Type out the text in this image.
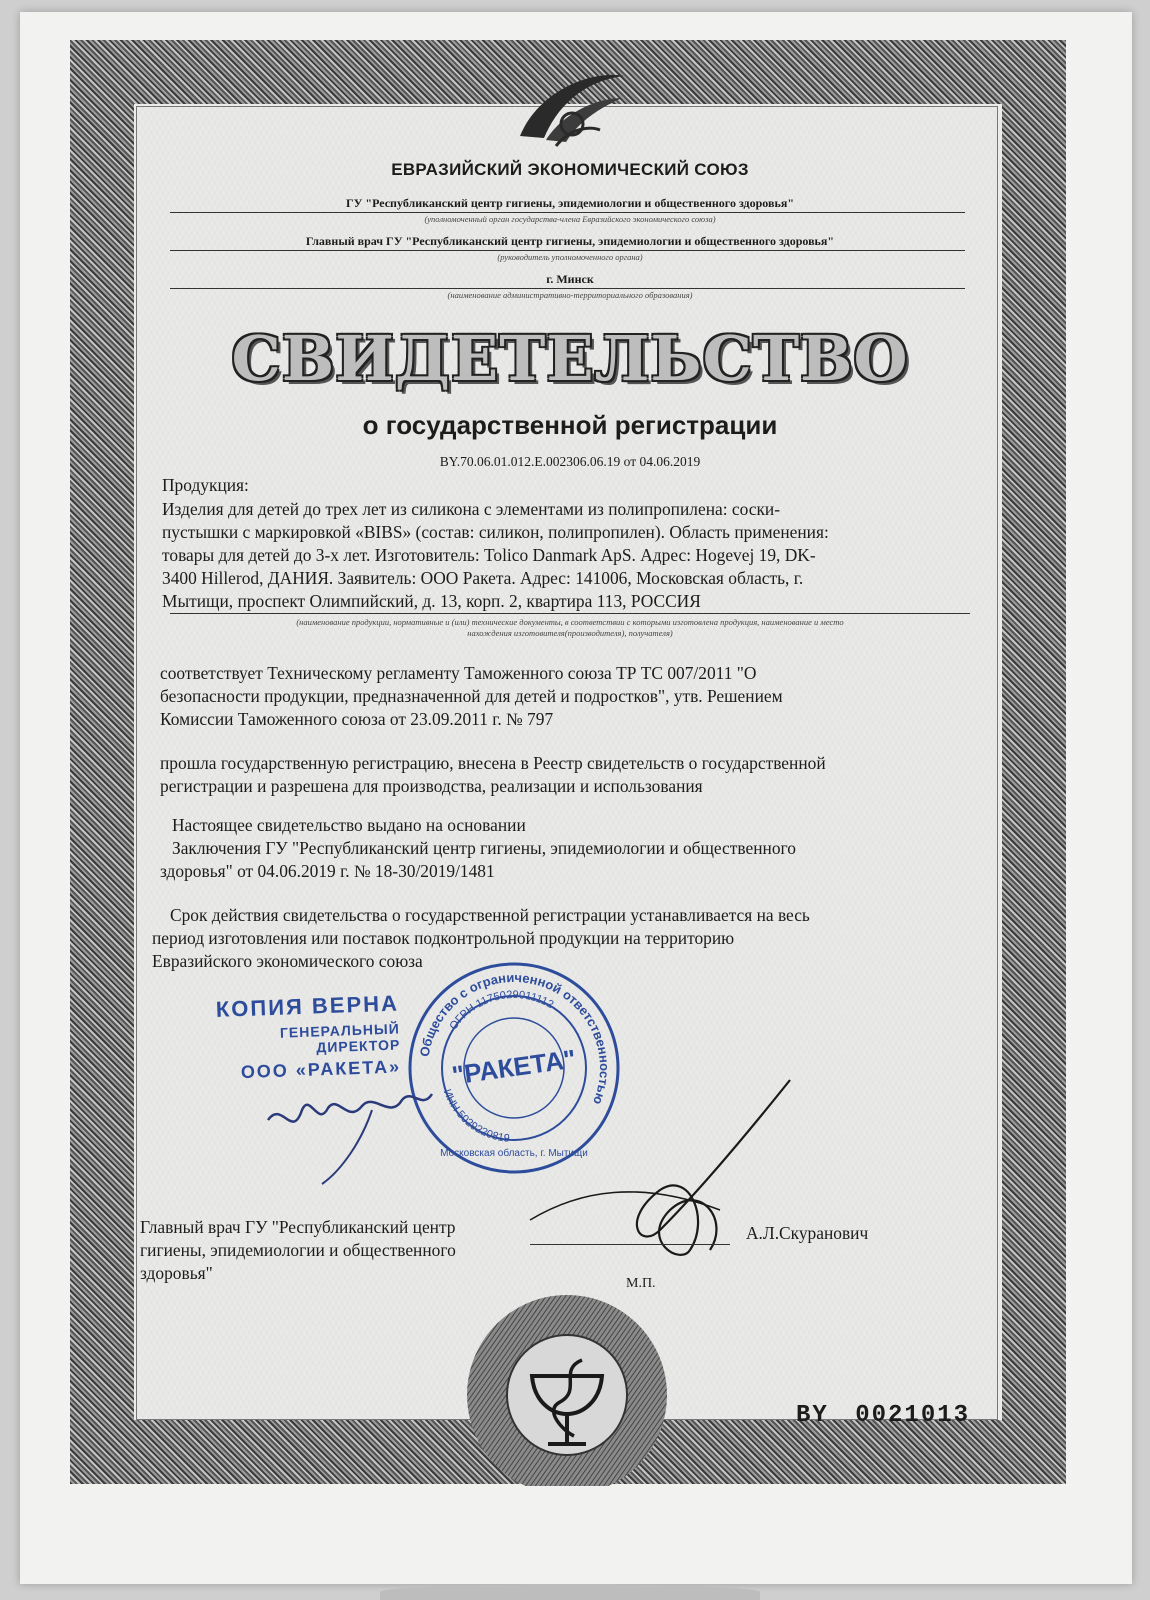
ЕВРАЗИЙСКИЙ ЭКОНОМИЧЕСКИЙ СОЮЗ
ГУ "Республиканский центр гигиены, эпидемиологии и общественного здоровья"
(уполномоченный орган государства-члена Евразийского экономического союза)
Главный врач ГУ "Республиканский центр гигиены, эпидемиологии и общественного здоровья"
(руководитель уполномоченного органа)
г. Минск
(наименование административно-территориального образования)
СВИДЕТЕЛЬСТВО
о государственной регистрации
BY.70.06.01.012.E.002306.06.19 от 04.06.2019
Продукция:
Изделия для детей до трех лет из силикона с элементами из полипропилена: соски-
пустышки с маркировкой «BIBS» (состав: силикон, полипропилен). Область применения:
товары для детей до 3-х лет. Изготовитель: Tolico Danmark ApS. Адрес: Hogevej 19, DK-
3400 Hillerod, ДАНИЯ. Заявитель: ООО Ракета. Адрес: 141006, Московская область, г.
Мытищи, проспект Олимпийский, д. 13, корп. 2, квартира 113, РОССИЯ
(наименование продукции, нормативные и (или) технические документы, в соответствии с которыми изготовлена продукция, наименование и место
нахождения изготовителя(производителя), получателя)
соответствует Техническому регламенту Таможенного союза ТР ТС 007/2011 "О
безопасности продукции, предназначенной для детей и подростков", утв. Решением
Комиссии Таможенного союза от 23.09.2011 г. № 797
прошла государственную регистрацию, внесена в Реестр свидетельств о государственной
регистрации и разрешена для производства, реализации и использования
Настоящее свидетельство выдано на основании
Заключения ГУ "Республиканский центр гигиены, эпидемиологии и общественного
здоровья" от 04.06.2019 г. № 18-30/2019/1481
Срок действия свидетельства о государственной регистрации устанавливается на весь
период изготовления или поставок подконтрольной продукции на территорию
Евразийского экономического союза
КОПИЯ ВЕРНА
ГЕНЕРАЛЬНЫЙ ДИРЕКТОР
ООО «РАКЕТА»
Общество с ограниченной ответственностью
ОГРН 1175029011112
ИНН 5029220819
"РАКЕТА"
Московская область, г. Мытищи
Главный врач ГУ "Республиканский центр
гигиены, эпидемиологии и общественного
здоровья"
А.Л.Скуранович
М.П.
BY 0021013
